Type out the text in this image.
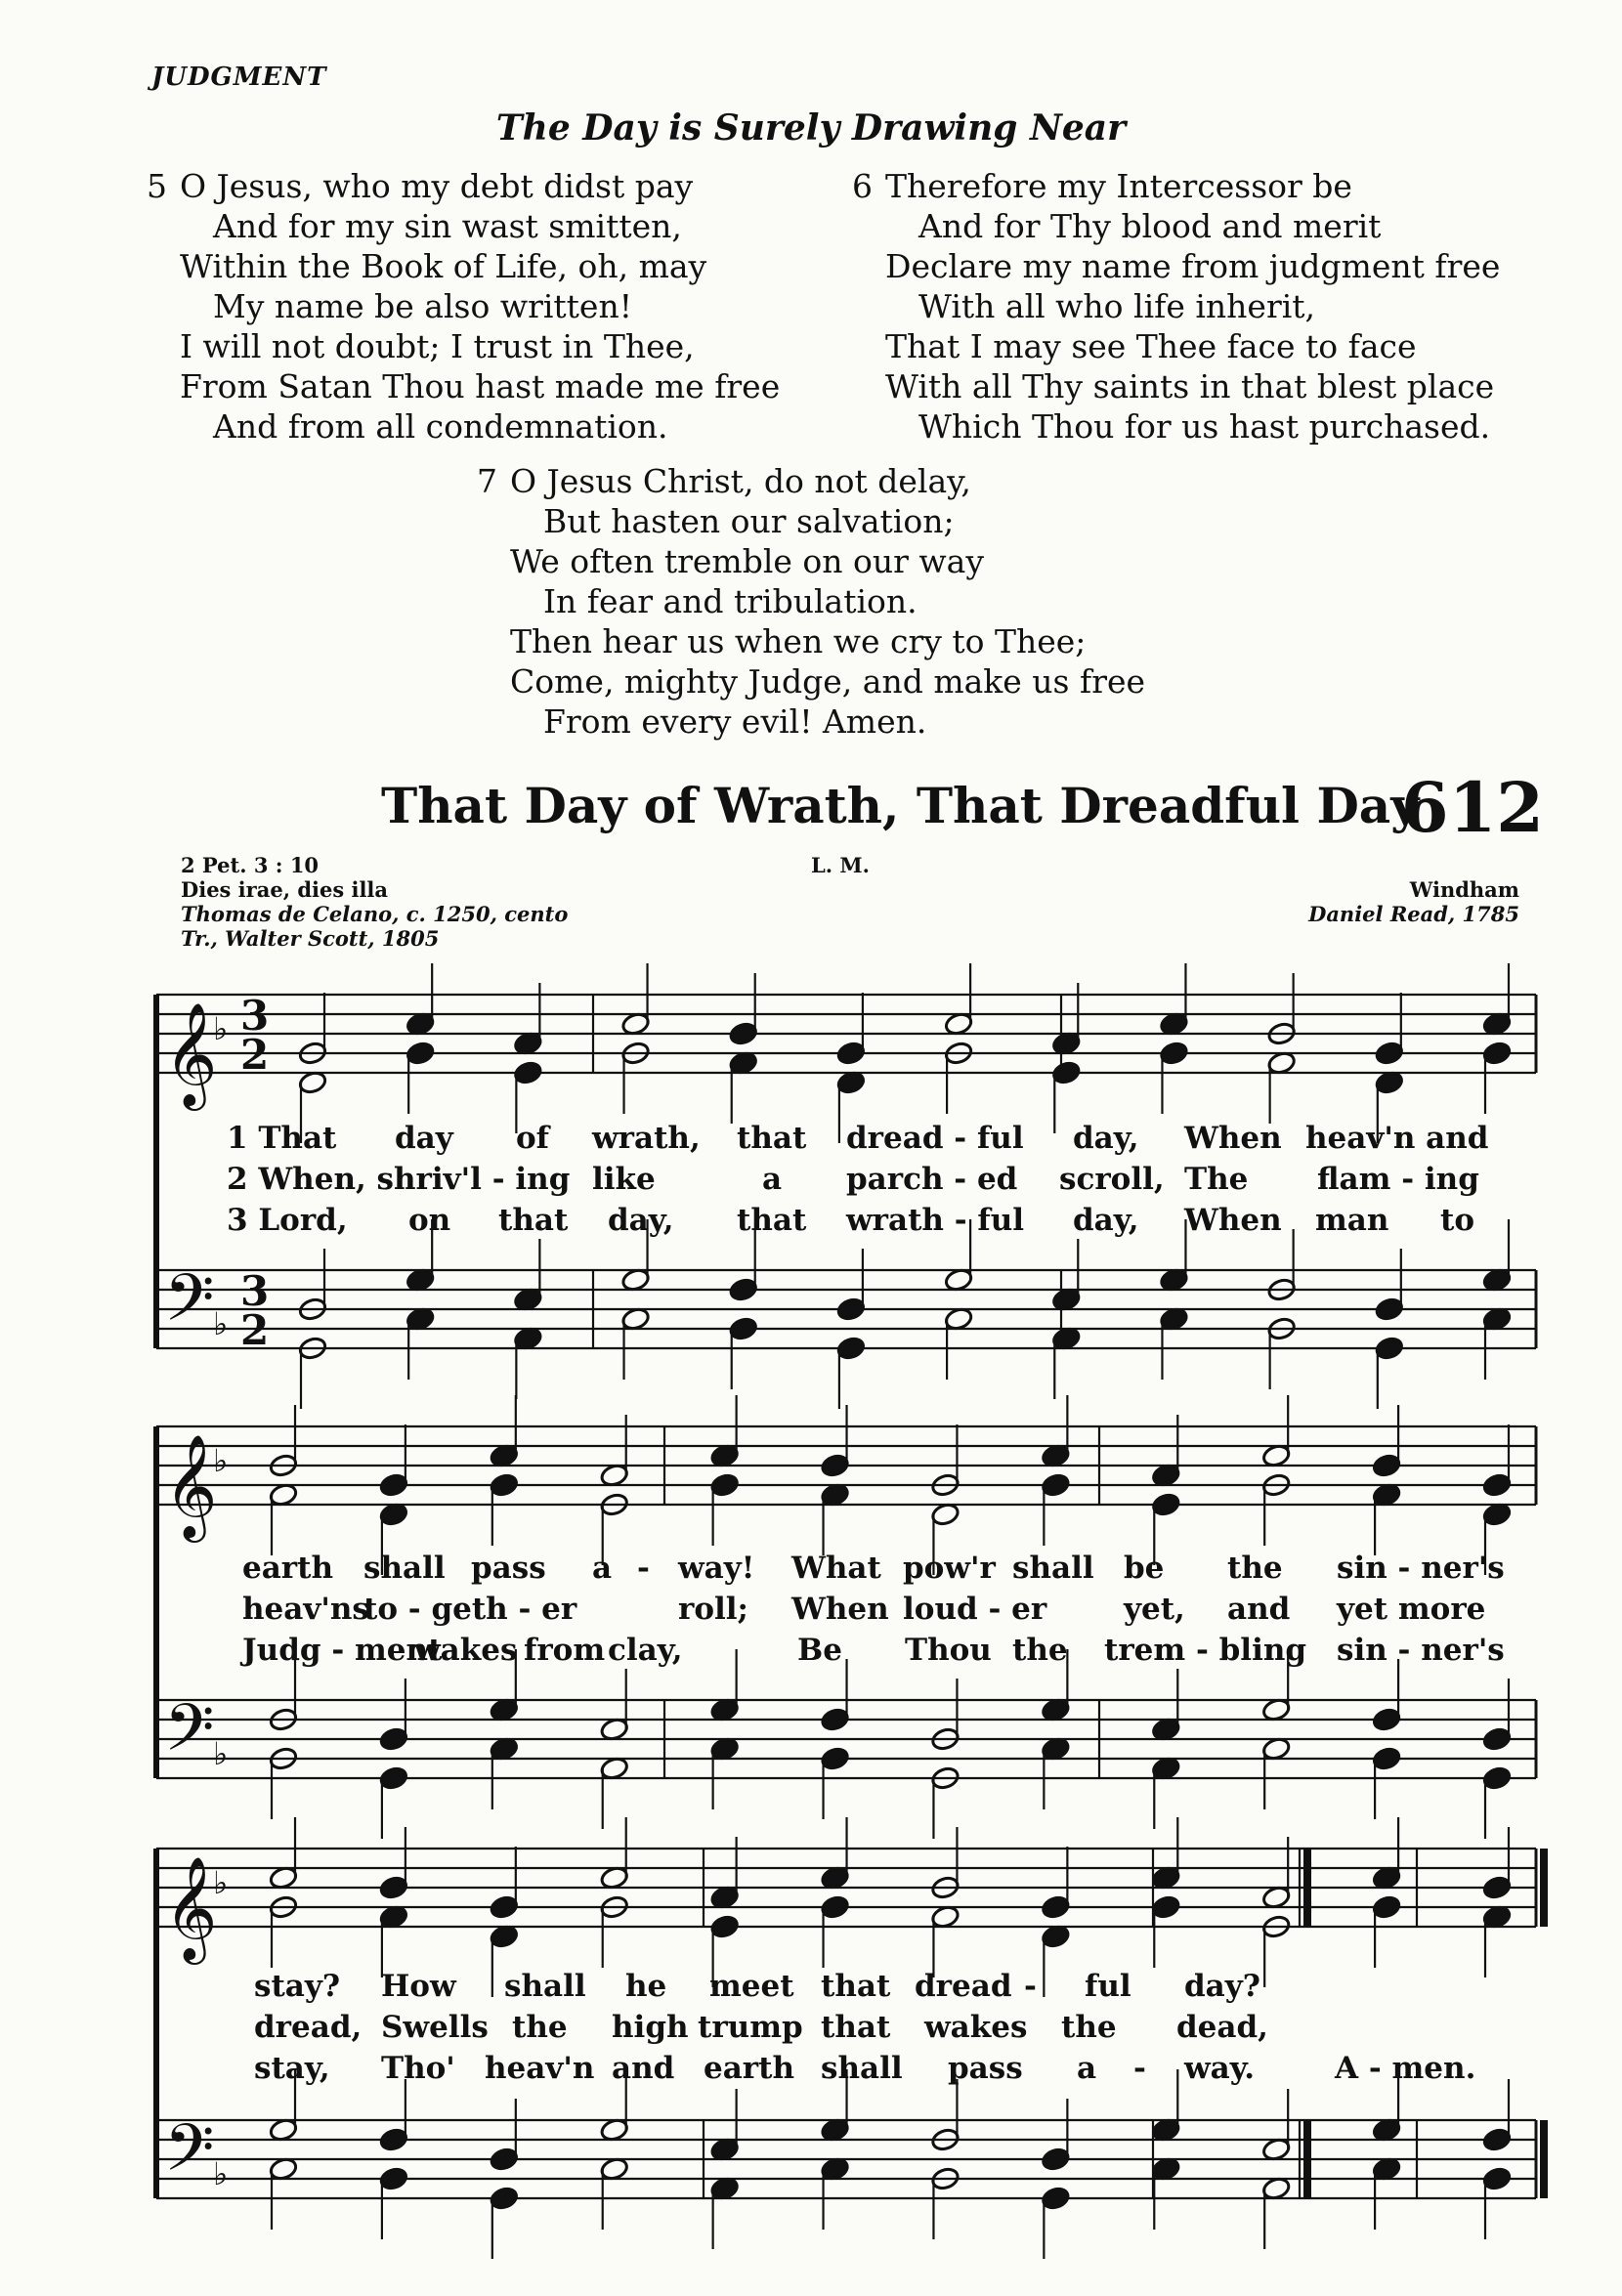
JUDGMENT
The Day is Surely Drawing Near
5 O Jesus, who my debt didst pay
And for my sin wast smitten,
Within the Book of Life, oh, may
My name be also written!
I will not doubt; I trust in Thee,
From Satan Thou hast made me free
And from all condemnation.
6 Therefore my Intercessor be
And for Thy blood and merit
Declare my name from judgment free
With all who life inherit,
That I may see Thee face to face
With all Thy saints in that blest place
Which Thou for us hast purchased.
7 O Jesus Christ, do not delay,
But hasten our salvation;
We often tremble on our way
In fear and tribulation.
Then hear us when we cry to Thee;
Come, mighty Judge, and make us free
From every evil! Amen.
That Day of Wrath, That Dreadful Day
612
2 Pet. 3 : 10
Dies irae, dies illa
Thomas de Celano, c. 1250, cento
Tr., Walter Scott, 1805
L. M.
Windham
Daniel Read, 1785
𝄞
𝄢
♭
♭
3
2
3
2
𝄞
𝄢
♭
♭
𝄞
𝄢
♭
♭
1 That day of wrath, that dread - ful day, When heav'n and
2 When, shriv'l - ing like	a parch - ed scroll, The flam - ing
3 Lord, on that day, that wrath - ful day, When man to
earth shall pass a - way! What pow'r shall be the sin - ner's
heav'ns
to - geth - er	roll; When loud - er	yet, and yet more
Judg - ment
wakes from clay,	Be Thou the trem - bling sin - ner's
stay? How shall he meet that dread - ful day?
dread, Swells the high trump that wakes the dead,
stay, Tho' heav'n and earth shall pass a - way.	A - men.
